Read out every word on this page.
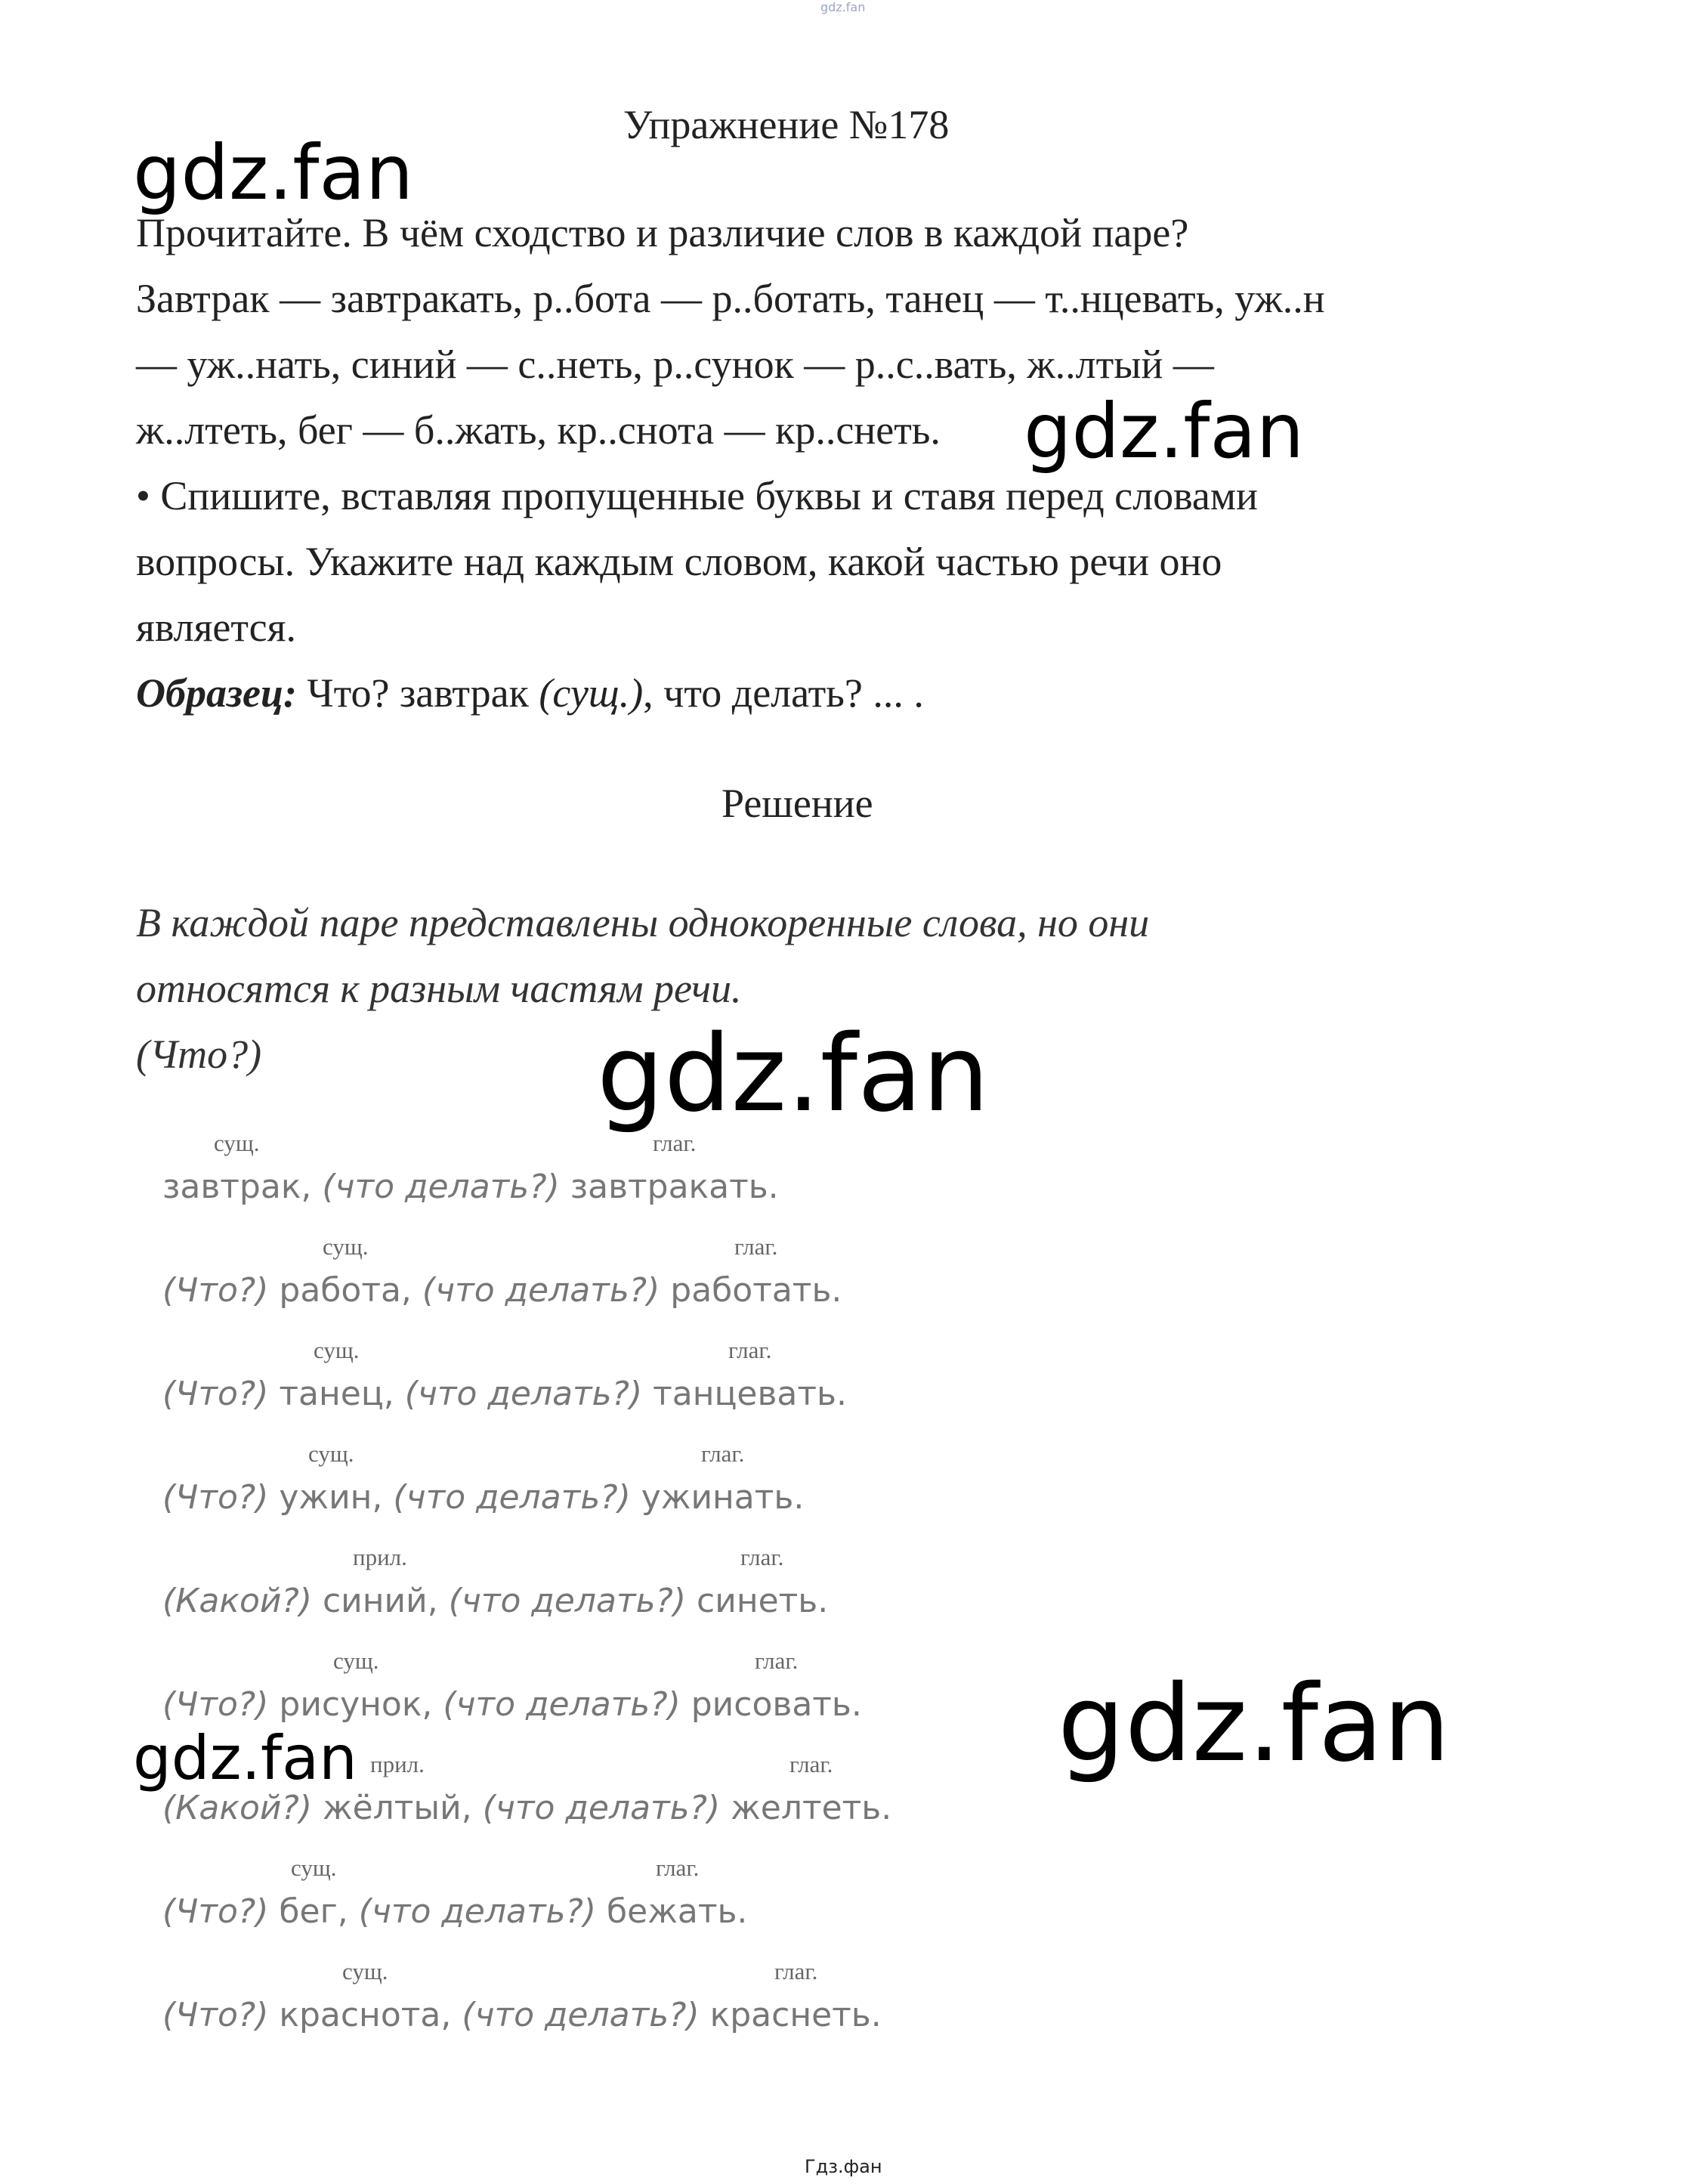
gdz.fan
Упражнение №178
gdz.fan
gdz.fan
gdz.fan
gdz.fan
gdz.fan
Прочитайте. В чём сходство и различие слов в каждой паре?
Завтрак — завтракать, р..бота — р..ботать, танец — т..нцевать, уж..н
— уж..нать, синий — с..неть, р..сунок — р..с..вать, ж..лтый —
ж..лтеть, бег — б..жать, кр..снота — кр..снеть.
• Спишите, вставляя пропущенные буквы и ставя перед словами
вопросы. Укажите над каждым словом, какой частью речи оно
является.
Образец: Что? завтрак (сущ.), что делать? ... .
Решение
В каждой паре представлены однокоренные слова, но они
относятся к разным частям речи.
(Что?)
завтрак, (что делать?) завтракать.
сущ.	глаг.
(Что?) работа, (что делать?) работать.
сущ.	глаг.
(Что?) танец, (что делать?) танцевать.
сущ.	глаг.
(Что?) ужин, (что делать?) ужинать.
сущ.	глаг.
(Какой?) синий, (что делать?) синеть.
прил.	глаг.
(Что?) рисунок, (что делать?) рисовать.
сущ.	глаг.
(Какой?) жёлтый, (что делать?) желтеть.
прил.	глаг.
(Что?) бег, (что делать?) бежать.
сущ.	глаг.
(Что?) краснота, (что делать?) краснеть.
сущ.	глаг.
Гдз.фан
